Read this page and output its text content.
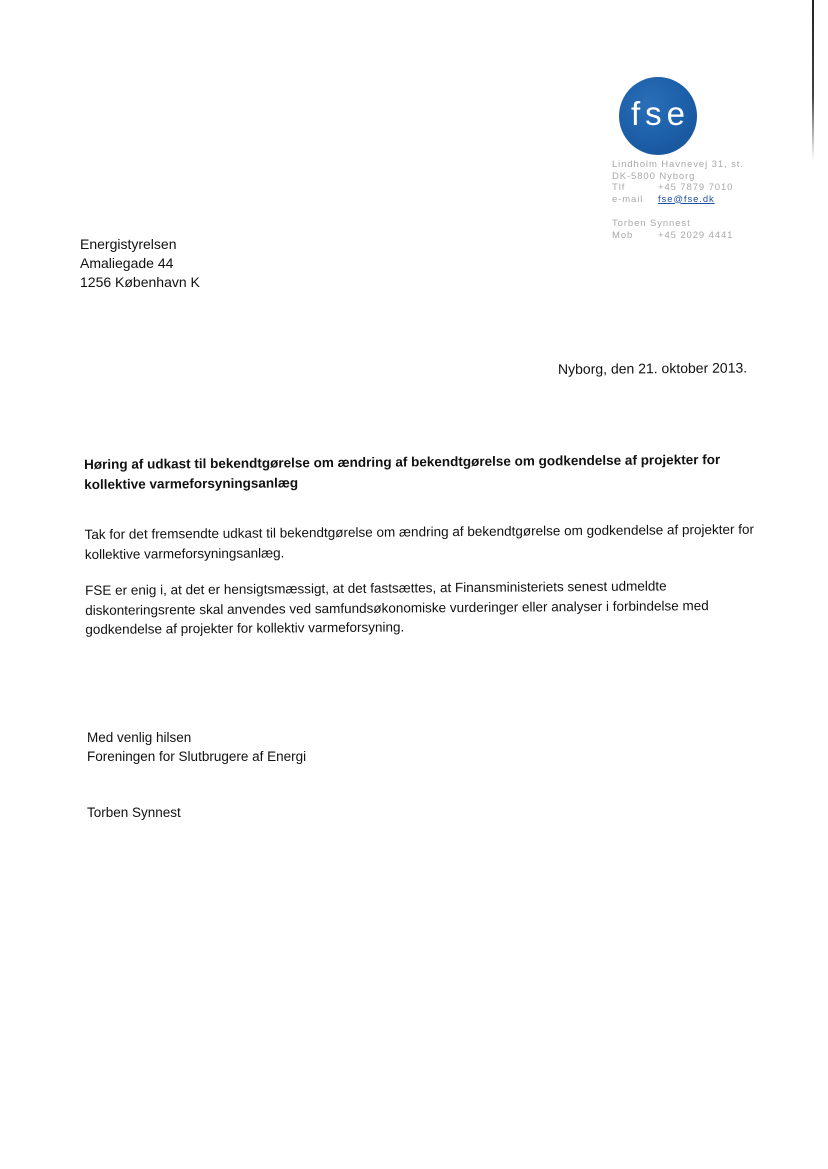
fse
Lindholm Havnevej 31, st.
DK-5800 Nyborg
Tlf	+45 7879 7010
e-mail	fse@fse.dk
Torben Synnest
Mob	+45 2029 4441
Energistyrelsen
Amaliegade 44
1256 København K
Nyborg, den 21. oktober 2013.

Høring af udkast til bekendtgørelse om ændring af bekendtgørelse om godkendelse af projekter for kollektive varmeforsyningsanlæg

Tak for det fremsendte udkast til bekendtgørelse om ændring af bekendtgørelse om godkendelse af projekter for kollektive varmeforsyningsanlæg.

FSE er enig i, at det er hensigtsmæssigt, at det fastsættes, at Finansministeriets senest udmeldte diskonteringsrente skal anvendes ved samfundsøkonomiske vurderinger eller analyser i forbindelse med godkendelse af projekter for kollektiv varmeforsyning.

Med venlig hilsen
Foreningen for Slutbrugere af Energi
Torben Synnest
